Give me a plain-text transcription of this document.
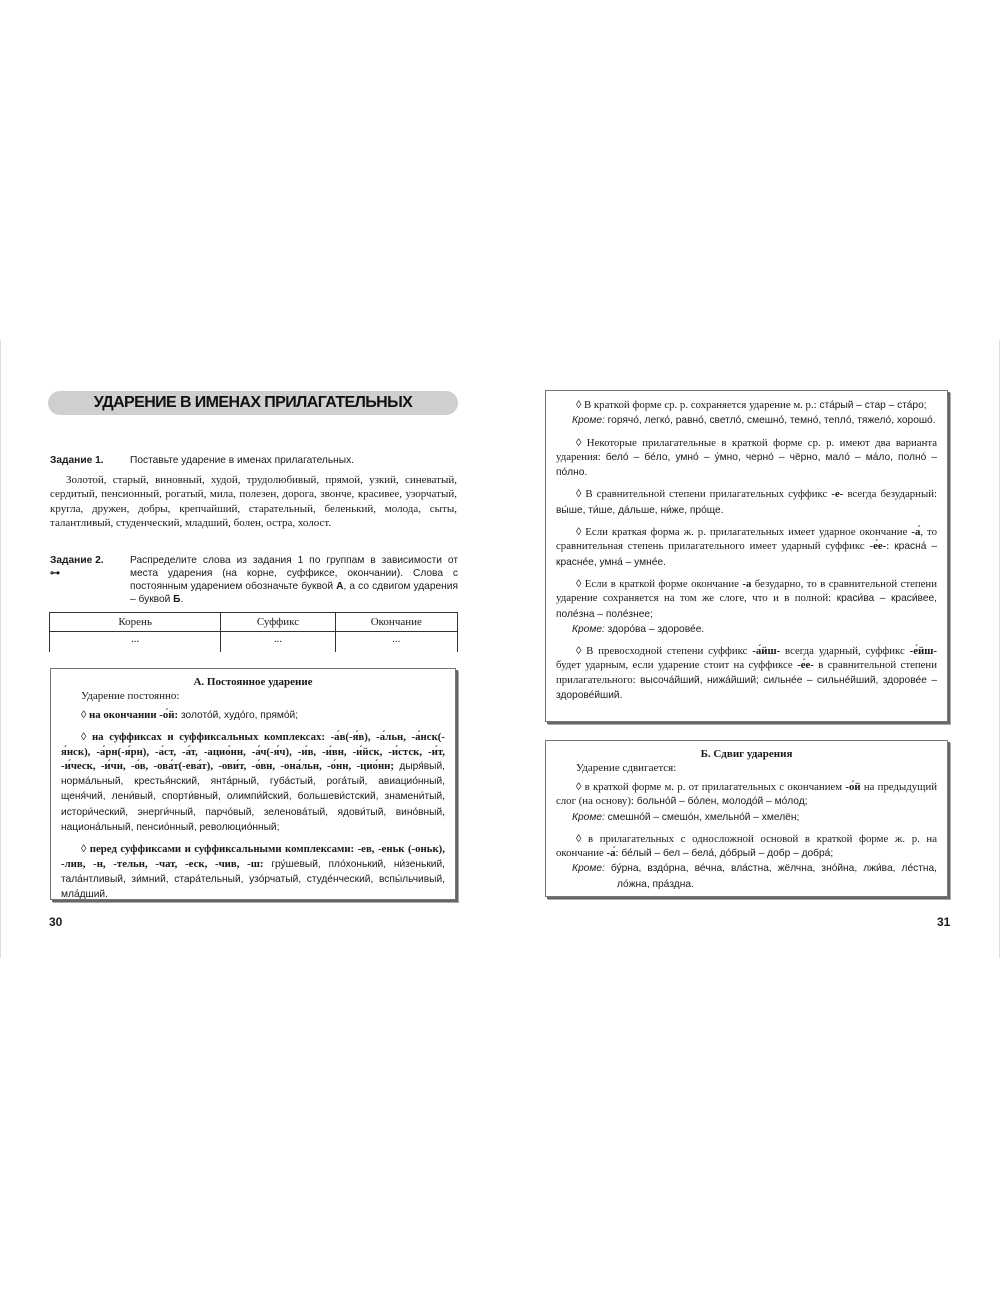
УДАРЕНИЕ В ИМЕНАХ ПРИЛАГАТЕЛЬНЫХ
Задание 1.	Поставьте ударение в именах прилагательных.
Золотой, старый, виновный, худой, трудолюбивый, прямой, узкий, синеватый, сердитый, пенсионный, рогатый, мила, полезен, дорога, звонче, красивее, узорчатый, кругла, дружен, добры, крепчайший, старательный, беленький, молода, сыты, талантливый, студенческий, младший, болен, остра, холост.
Задание 2.
⊶
Распределите слова из задания 1 по группам в зависимости от места ударения (на корне, суффиксе, окончании). Слова с постоянным ударением обозначьте буквой А, а со сдвигом ударения – буквой Б.
Корень	Суффикс	Окончание
...	...	...
А. Постоянное ударение
Ударение постоянно:
◊ на окончании -о́й: золото́й, худо́го, прямо́й;
◊ на суффиксах и суффиксальных комплексах: -а́в(-я́в), -а́льн, -а́нск(-я́нск), -а́рн(-я́рн), -а́ст, -а́т, -ацио́нн, -а́ч(-я́ч), -и́в, -и́вн, -и́йск, -и́стск, -и́т, -и́ческ, -и́чн, -о́в, -ова́т(-ева́т), -ови́т, -о́вн, -она́льн, -о́нн, -цио́нн; дыря́вый, норма́льный, крестья́нский, янта́рный, губа́стый, рога́тый, авиацио́нный, щеня́чий, лени́вый, спорти́вный, олимпи́йский, большеви́стский, знамени́тый, истори́ческий, энерги́чный, парчо́вый, зеленова́тый, ядови́тый, вино́вный, национа́льный, пенсио́нный, революцио́нный;
◊ перед суффиксами и суффиксальными комплексами: -ев, -еньк (-оньк), -лив, -н, -тельн, -чат, -еск, -чив, -ш: гру́шевый, пло́хонький, ни́зенький, тала́нтливый, зи́мний, стара́тельный, узо́рчатый, студе́нческий, вспы́льчивый, мла́дший.
30
◊ В краткой форме ср. р. сохраняется ударение м. р.: ста́рый – стар – ста́ро;
Кроме: горячо́, легко́, равно́, светло́, смешно́, темно́, тепло́, тяжело́, хорошо́.
◊ Некоторые прилагательные в краткой форме ср. р. имеют два варианта ударения: бело́ – бе́ло, умно́ – у́мно, черно́ – чёрно, мало́ – ма́ло, полно́ – по́лно.
◊ В сравнительной степени прилагательных суффикс -е- всегда безударный: вы́ше, ти́ше, да́льше, ни́же, про́ще.
◊ Если краткая форма ж. р. прилагательных имеет ударное окончание -а́, то сравнительная степень прилагательного имеет ударный суффикс -е́е-: красна́ – красне́е, умна́ – умне́е.
◊ Если в краткой форме окончание -а безударно, то в сравнительной степени ударение сохраняется на том же слоге, что и в полной: краси́ва – краси́вее, поле́зна – поле́знее;
Кроме: здоро́ва – здорове́е.
◊ В превосходной степени суффикс -а́йш- всегда ударный, суффикс -е́йш- будет ударным, если ударение стоит на суффиксе -е́е- в сравнительной степени прилагательного: высоча́йший, нижа́йший; сильне́е – сильне́йший, здорове́е – здорове́йший.
Б. Сдвиг ударения
Ударение сдвигается:
◊ в краткой форме м. р. от прилагательных с окончанием -о́й на предыдущий слог (на основу): больно́й – бо́лен, молодо́й – мо́лод;
Кроме: смешно́й – смешо́н, хмельно́й – хмелён;
◊ в прилагательных с односложной основой в краткой форме ж. р. на окончание -а́: бе́лый – бел – бела́, до́брый – добр – добра́;
Кроме: бу́рна, вздо́рна, ве́чна, вла́стна, жёлчна, зно́йна, лжи́ва, ле́стна, ло́жна, пра́здна.
31
